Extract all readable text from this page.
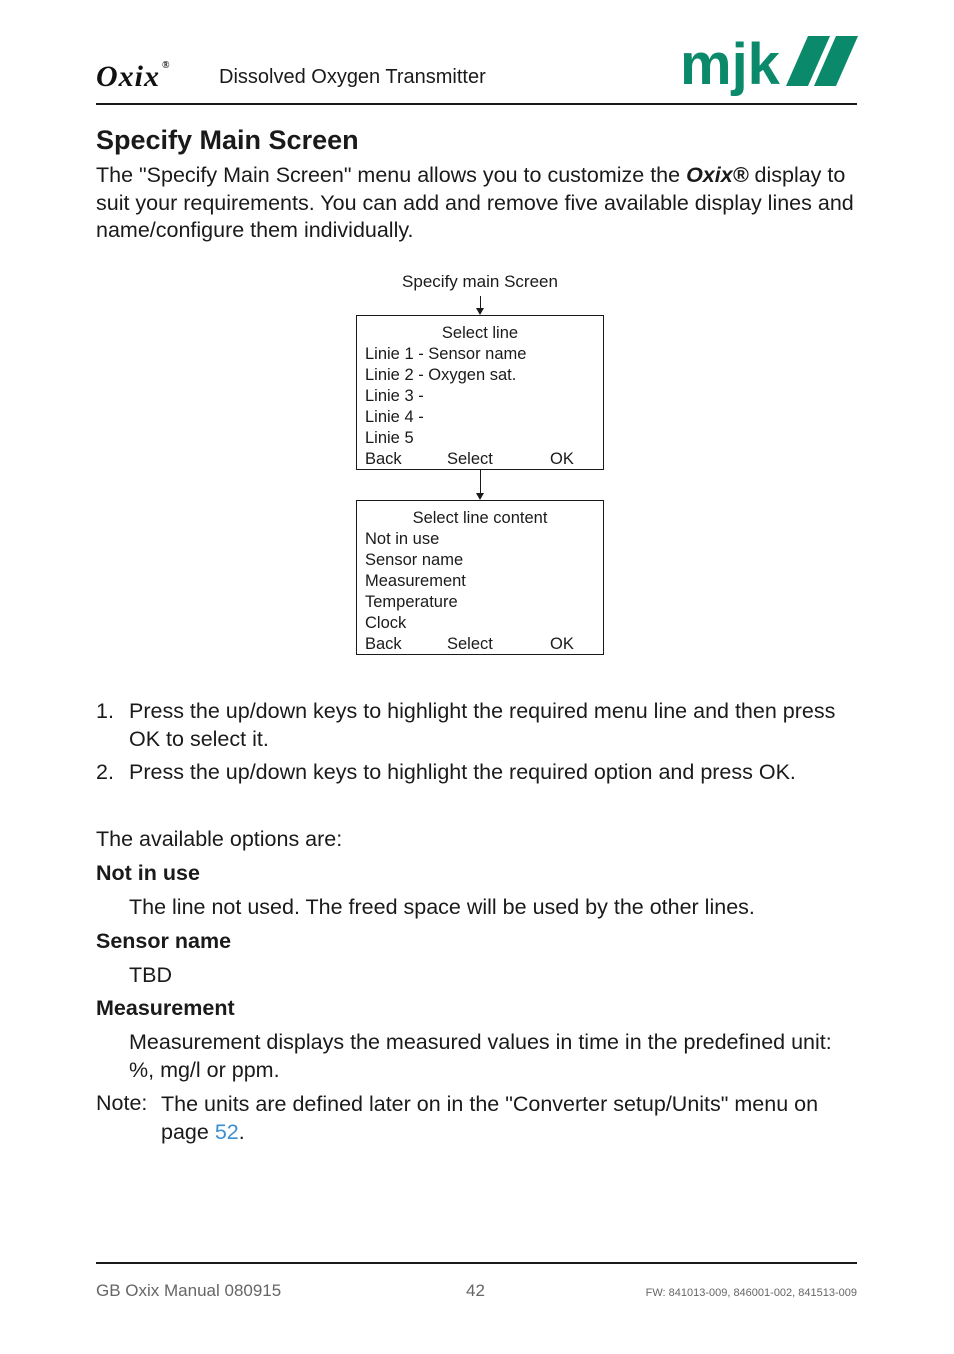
Oxix ®
Dissolved Oxygen Transmitter	mjk
Specify Main Screen
The "Specify Main Screen" menu allows you to customize the Oxix® display to suit your requirements. You can add and remove five available display lines and name/configure them individually.
Specify main Screen
Select line
Linie 1 - Sensor name
Linie 2 - Oxygen sat.
Linie 3 -
Linie 4 -
Linie 5
Back	Select	OK
Select line content
Not in use
Sensor name
Measurement
Temperature
Clock
Back	Select	OK
1. Press the up/down keys to highlight the required menu line and then press OK to select it.
2. Press the up/down keys to highlight the required option and press OK.
The available options are:
Not in use
The line not used. The freed space will be used by the other lines.
Sensor name
TBD
Measurement
Measurement displays the measured values in time in the predefined unit: %, mg/l or ppm.
Note: The units are defined later on in the "Converter setup/Units" menu on page 52.
GB Oxix Manual 080915	42	FW: 841013-009, 846001-002, 841513-009
